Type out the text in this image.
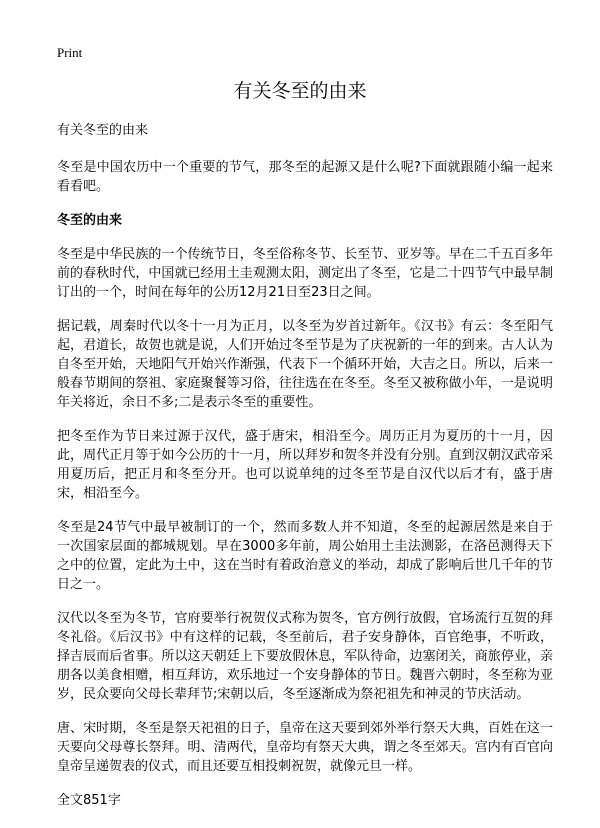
Print
有关冬至的由来

有关冬至的由来

冬至是中国农历中一个重要的节气，那冬至的起源又是什么呢?下面就跟随小编一起来看看吧。

冬至的由来

冬至是中华民族的一个传统节日，冬至俗称冬节、长至节、亚岁等。早在二千五百多年前的春秋时代，中国就已经用土圭观测太阳，测定出了冬至，它是二十四节气中最早制订出的一个，时间在每年的公历12月21日至23日之间。

据记载，周秦时代以冬十一月为正月，以冬至为岁首过新年。《汉书》有云：冬至阳气起，君道长，故贺也就是说，人们开始过冬至节是为了庆祝新的一年的到来。古人认为自冬至开始，天地阳气开始兴作渐强，代表下一个循环开始，大吉之日。所以，后来一般春节期间的祭祖、家庭聚餐等习俗，往往选在在冬至。冬至又被称做小年，一是说明年关将近，余日不多;二是表示冬至的重要性。

把冬至作为节日来过源于汉代，盛于唐宋，相沿至今。周历正月为夏历的十一月，因此，周代正月等于如今公历的十一月，所以拜岁和贺冬并没有分别。直到汉朝汉武帝采用夏历后，把正月和冬至分开。也可以说单纯的过冬至节是自汉代以后才有，盛于唐宋，相沿至今。

冬至是24节气中最早被制订的一个，然而多数人并不知道，冬至的起源居然是来自于一次国家层面的都城规划。早在3000多年前，周公始用土圭法测影，在洛邑测得天下之中的位置，定此为土中，这在当时有着政治意义的举动，却成了影响后世几千年的节日之一。

汉代以冬至为冬节，官府要举行祝贺仪式称为贺冬，官方例行放假，官场流行互贺的拜冬礼俗。《后汉书》中有这样的记载，冬至前后，君子安身静体，百官绝事，不听政，择吉辰而后省事。所以这天朝廷上下要放假休息，军队待命，边塞闭关，商旅停业，亲朋各以美食相赠，相互拜访，欢乐地过一个安身静体的节日。魏晋六朝时，冬至称为亚岁，民众要向父母长辈拜节;宋朝以后，冬至逐渐成为祭祀祖先和神灵的节庆活动。

唐、宋时期，冬至是祭天祀祖的日子，皇帝在这天要到郊外举行祭天大典，百姓在这一天要向父母尊长祭拜。明、清两代，皇帝均有祭天大典，谓之冬至郊天。宫内有百官向皇帝呈递贺表的仪式，而且还要互相投刺祝贺，就像元旦一样。

全文851字
